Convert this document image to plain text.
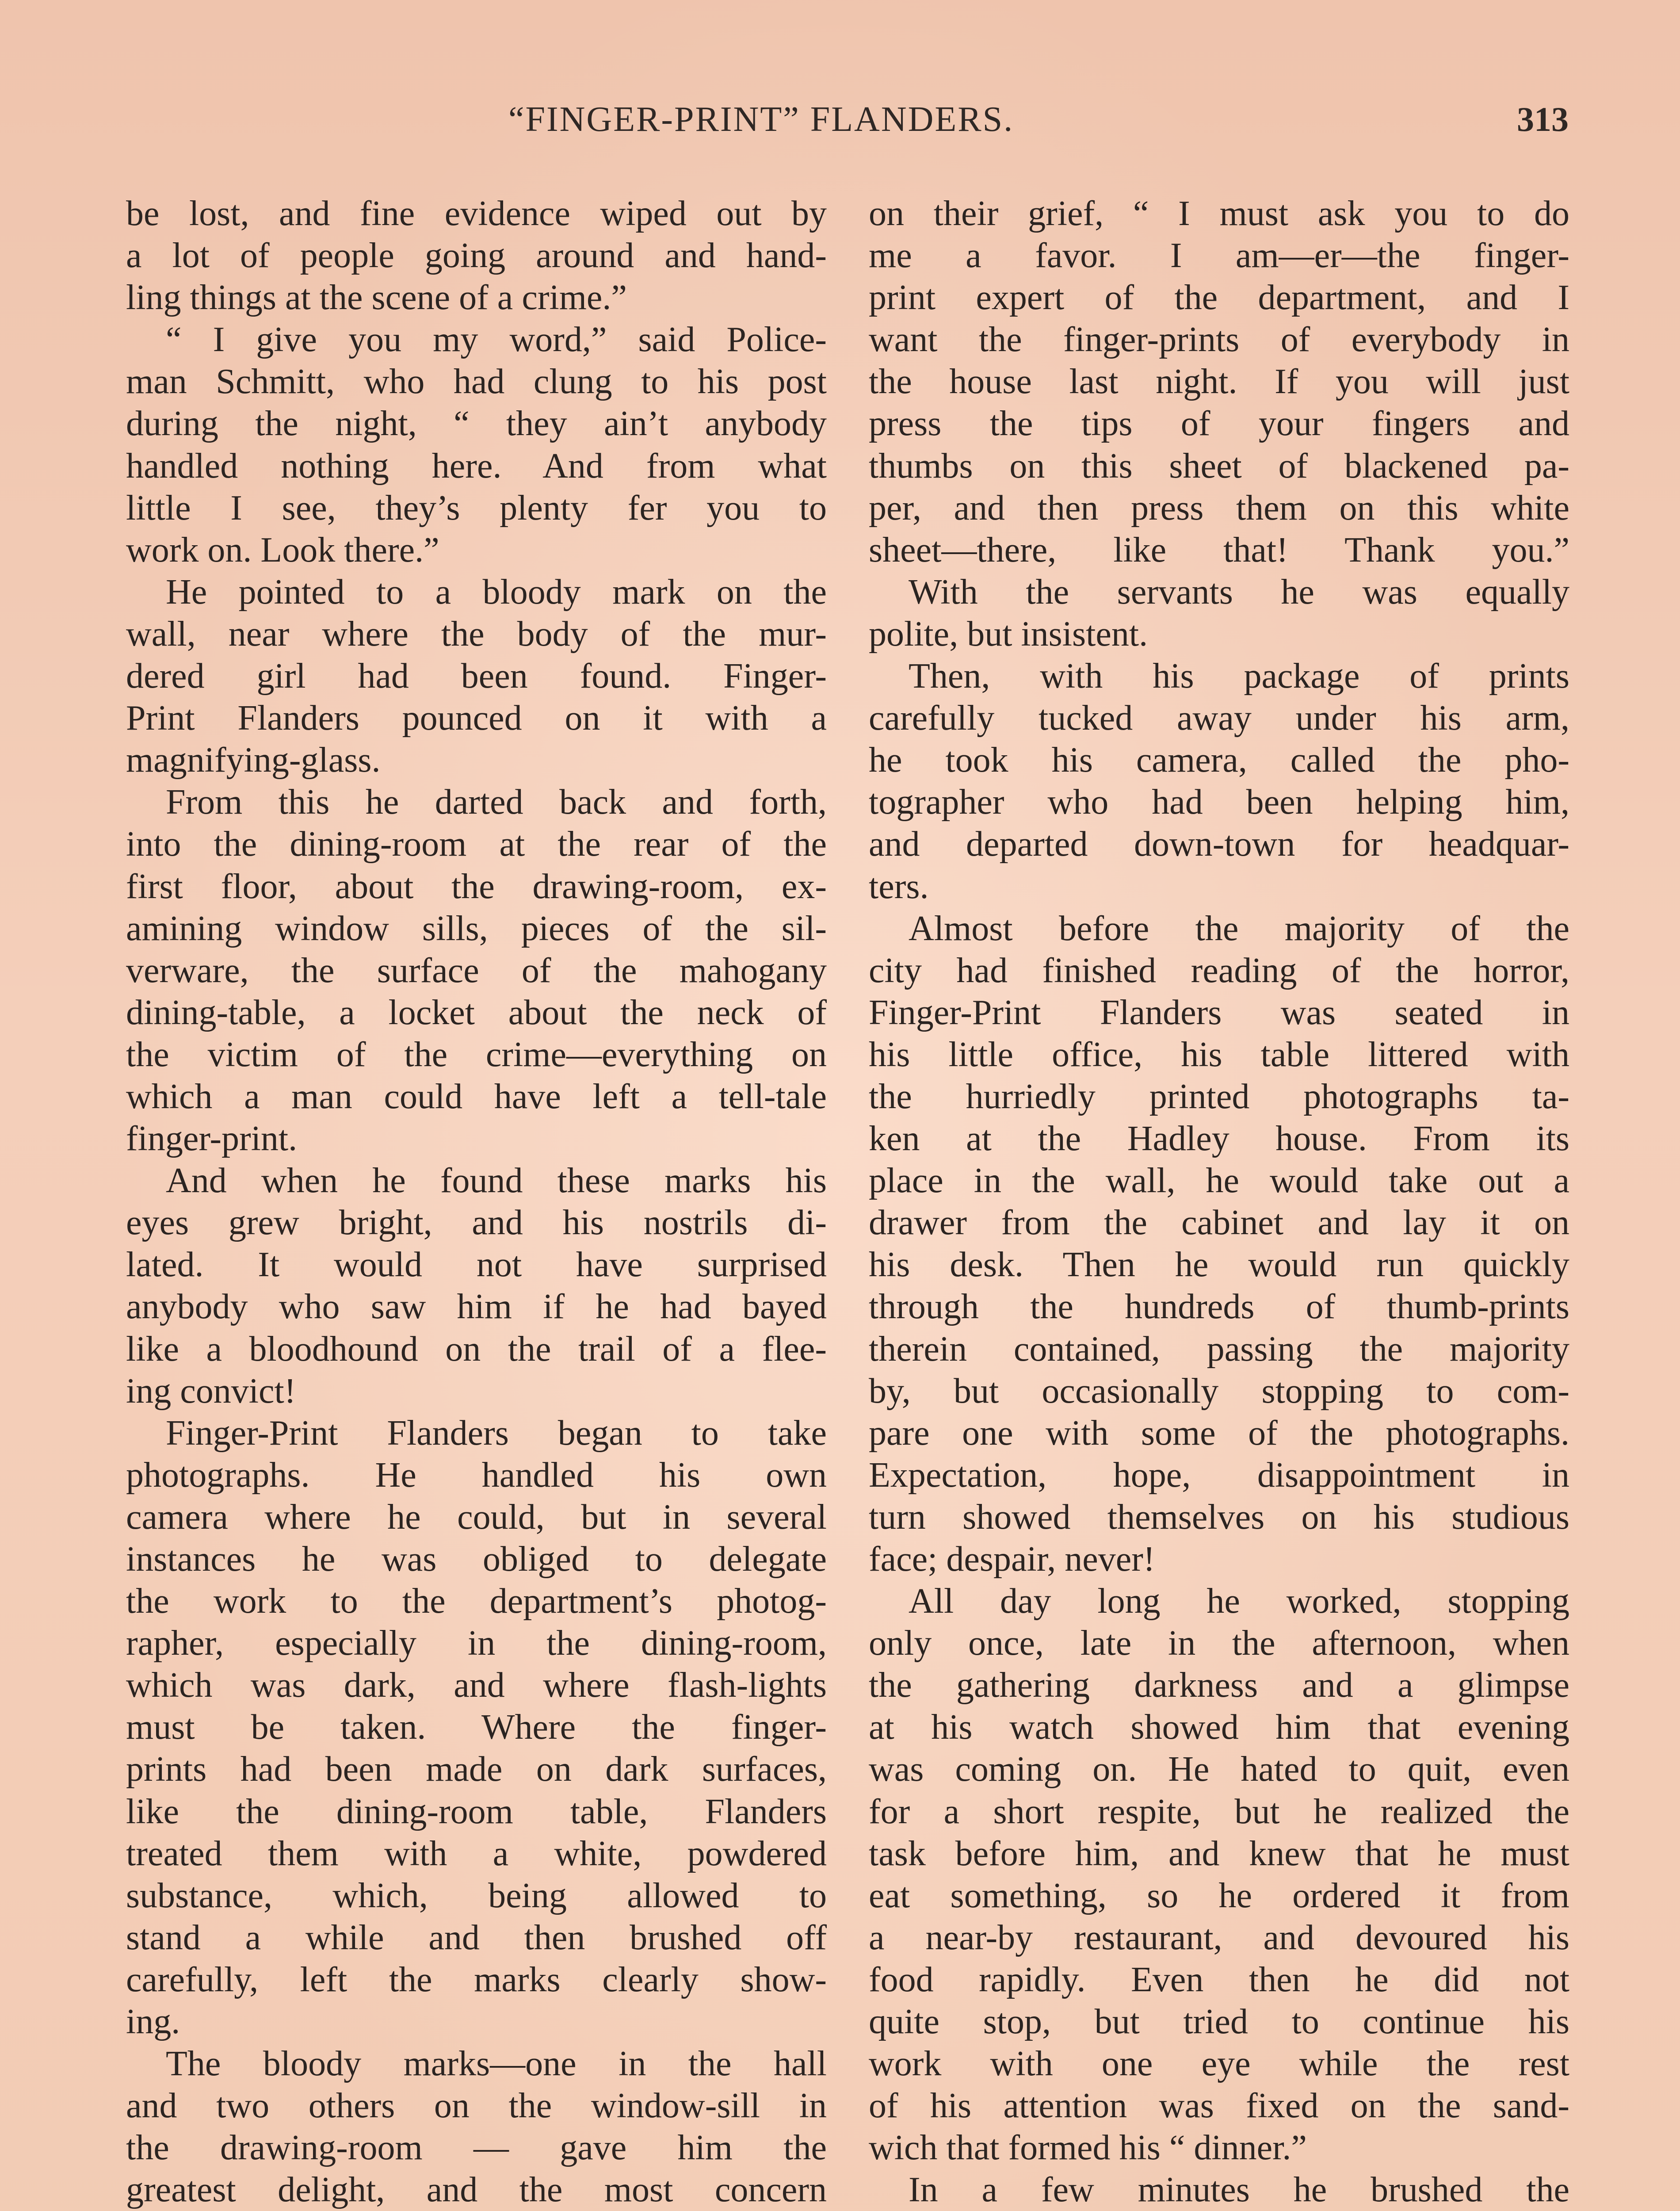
“FINGER-PRINT” FLANDERS.	313
be lost, and fine evidence wiped out by
a lot of people going around and hand-
ling things at the scene of a crime.”
“ I give you my word,” said Police-
man Schmitt, who had clung to his post
during the night, “ they ain’t anybody
handled nothing here. And from what
little I see, they’s plenty fer you to
work on. Look there.”
He pointed to a bloody mark on the
wall, near where the body of the mur-
dered girl had been found. Finger-
Print Flanders pounced on it with a
magnifying-glass.
From this he darted back and forth,
into the dining-room at the rear of the
first floor, about the drawing-room, ex-
amining window sills, pieces of the sil-
verware, the surface of the mahogany
dining-table, a locket about the neck of
the victim of the crime—everything on
which a man could have left a tell-tale
finger-print.
And when he found these marks his
eyes grew bright, and his nostrils di-
lated. It would not have surprised
anybody who saw him if he had bayed
like a bloodhound on the trail of a flee-
ing convict!
Finger-Print Flanders began to take
photographs. He handled his own
camera where he could, but in several
instances he was obliged to delegate
the work to the department’s photog-
rapher, especially in the dining-room,
which was dark, and where flash-lights
must be taken. Where the finger-
prints had been made on dark surfaces,
like the dining-room table, Flanders
treated them with a white, powdered
substance, which, being allowed to
stand a while and then brushed off
carefully, left the marks clearly show-
ing.
The bloody marks—one in the hall
and two others on the window-sill in
the drawing-room — gave him the
greatest delight, and the most concern
on their grief, “ I must ask you to do
me a favor. I am—er—the finger-
print expert of the department, and I
want the finger-prints of everybody in
the house last night. If you will just
press the tips of your fingers and
thumbs on this sheet of blackened pa-
per, and then press them on this white
sheet—there, like that! Thank you.”
With the servants he was equally
polite, but insistent.
Then, with his package of prints
carefully tucked away under his arm,
he took his camera, called the pho-
tographer who had been helping him,
and departed down-town for headquar-
ters.
Almost before the majority of the
city had finished reading of the horror,
Finger-Print Flanders was seated in
his little office, his table littered with
the hurriedly printed photographs ta-
ken at the Hadley house. From its
place in the wall, he would take out a
drawer from the cabinet and lay it on
his desk. Then he would run quickly
through the hundreds of thumb-prints
therein contained, passing the majority
by, but occasionally stopping to com-
pare one with some of the photographs.
Expectation, hope, disappointment in
turn showed themselves on his studious
face; despair, never!
All day long he worked, stopping
only once, late in the afternoon, when
the gathering darkness and a glimpse
at his watch showed him that evening
was coming on. He hated to quit, even
for a short respite, but he realized the
task before him, and knew that he must
eat something, so he ordered it from
a near-by restaurant, and devoured his
food rapidly. Even then he did not
quite stop, but tried to continue his
work with one eye while the rest
of his attention was fixed on the sand-
wich that formed his “ dinner.”
In a few minutes he brushed the
